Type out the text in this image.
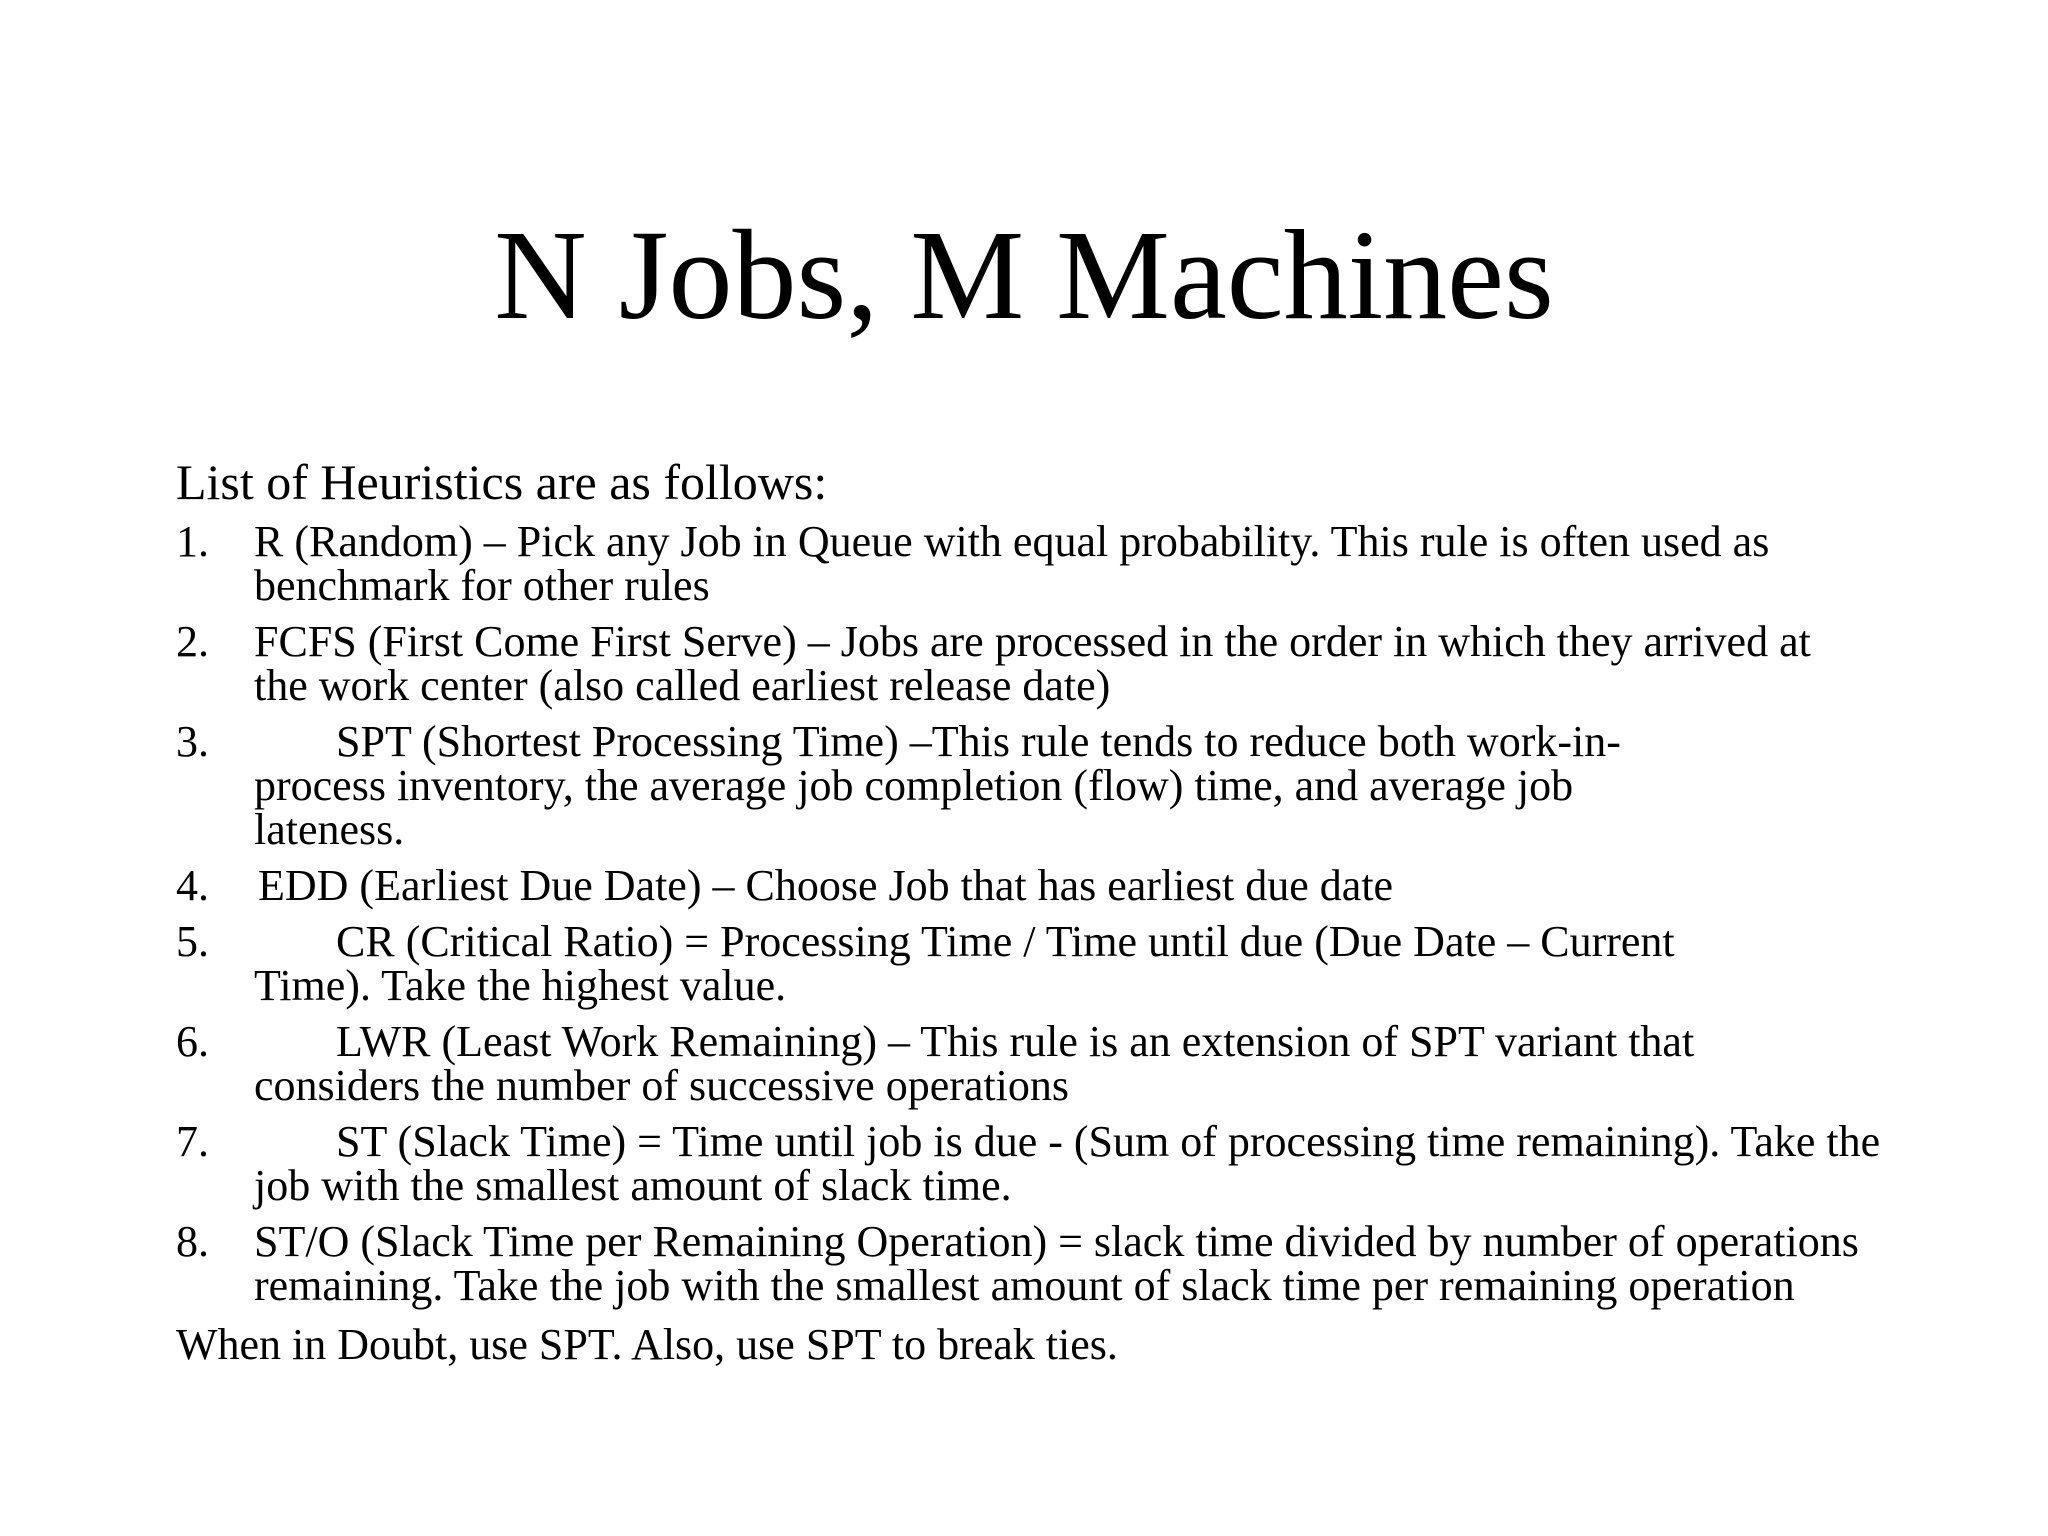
N Jobs, M Machines
List of Heuristics are as follows:
1. R (Random) – Pick any Job in Queue with equal probability. This rule is often used as benchmark for other rules
2. FCFS (First Come First Serve) – Jobs are processed in the order in which they arrived at the work center (also called earliest release date)
3.	SPT (Shortest Processing Time) –This rule tends to reduce both work-in-process inventory, the average job completion (flow) time, and average job lateness.
4. EDD (Earliest Due Date) – Choose Job that has earliest due date
5.	CR (Critical Ratio) = Processing Time / Time until due (Due Date – Current Time). Take the highest value.
6.	LWR (Least Work Remaining) – This rule is an extension of SPT variant that considers the number of successive operations
7.	ST (Slack Time) = Time until job is due - (Sum of processing time remaining). Take the job with the smallest amount of slack time.
8. ST/O (Slack Time per Remaining Operation) = slack time divided by number of operations remaining. Take the job with the smallest amount of slack time per remaining operation
When in Doubt, use SPT. Also, use SPT to break ties.
